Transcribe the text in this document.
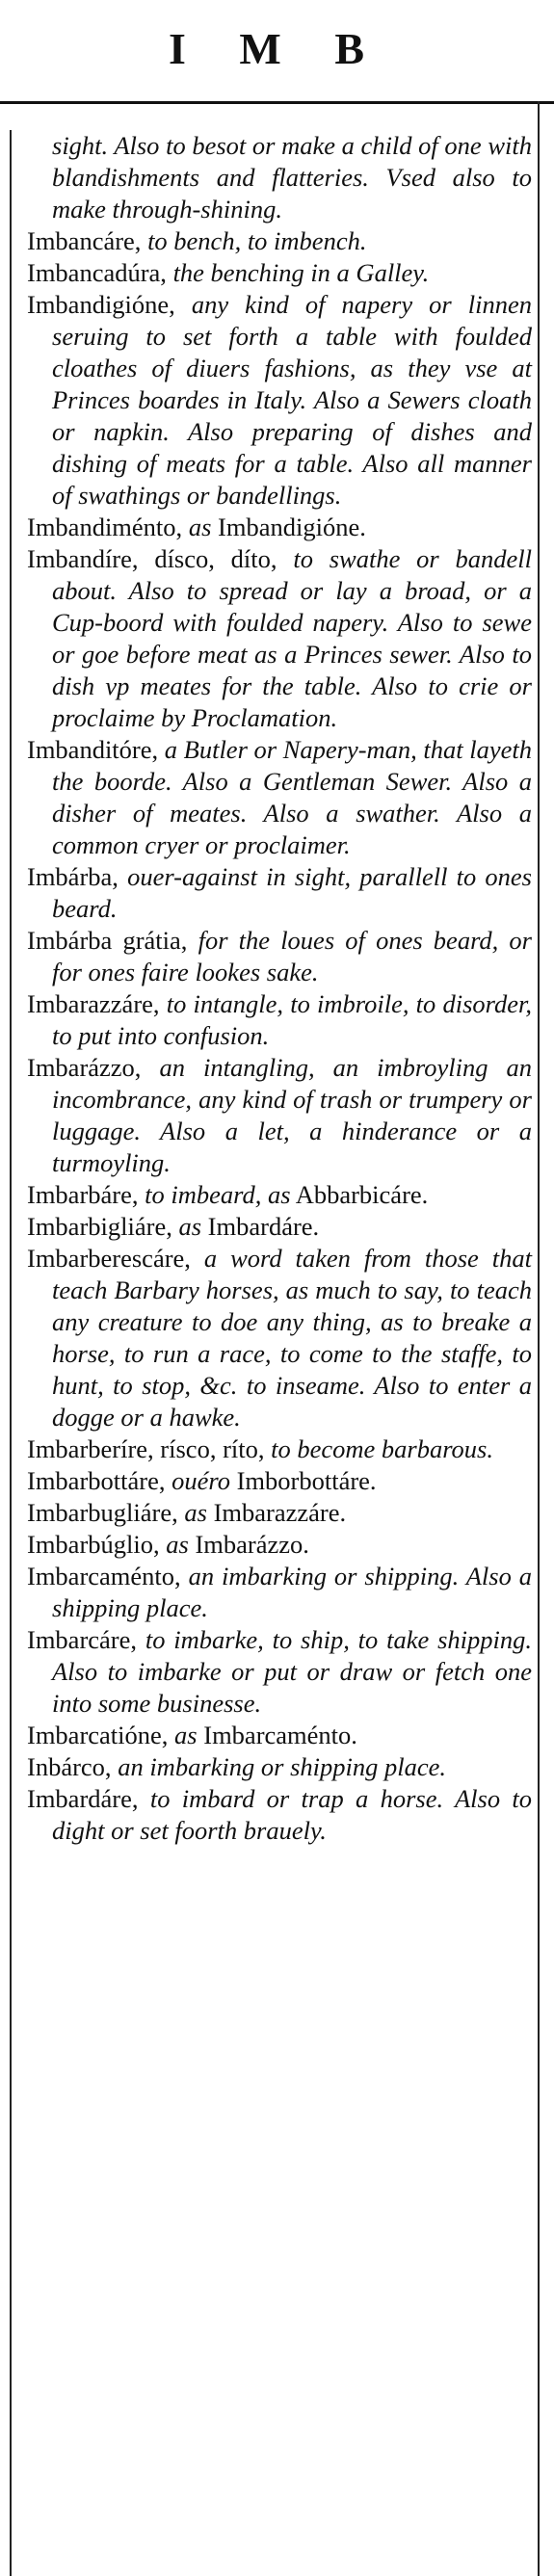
I M B
sight. Also to besot or make a child of one with blandishments and flatteries. Vsed also to make through-shining.
Imbancáre, to bench, to imbench.
Imbancadúra, the benching in a Galley.
Imbandigióne, any kind of napery or linnen seruing to set forth a table with foulded cloathes of diuers fashions, as they vse at Princes boardes in Italy. Also a Sewers cloath or napkin. Also preparing of dishes and dishing of meats for a table. Also all manner of swathings or bandellings.
Imbandiménto, as Imbandigióne.
Imbandíre, dísco, díto, to swathe or bandell about. Also to spread or lay a broad, or a Cup-boord with foulded napery. Also to sewe or goe before meat as a Princes sewer. Also to dish vp meates for the table. Also to crie or proclaime by Proclamation.
Imbanditóre, a Butler or Napery-man, that layeth the boorde. Also a Gentleman Sewer. Also a disher of meates. Also a swather. Also a common cryer or proclaimer.
Imbárba, ouer-against in sight, parallell to ones beard.
Imbárba grátia, for the loues of ones beard, or for ones faire lookes sake.
Imbarazzáre, to intangle, to imbroile, to disorder, to put into confusion.
Imbarázzo, an intangling, an imbroyling an incombrance, any kind of trash or trumpery or luggage. Also a let, a hinderance or a turmoyling.
Imbarbáre, to imbeard, as Abbarbicáre.
Imbarbigliáre, as Imbardáre.
Imbarberescáre, a word taken from those that teach Barbary horses, as much to say, to teach any creature to doe any thing, as to breake a horse, to run a race, to come to the staffe, to hunt, to stop, &c. to inseame. Also to enter a dogge or a hawke.
Imbarberíre, rísco, ríto, to become barbarous.
Imbarbottáre, ouéro Imborbottáre.
Imbarbugliáre, as Imbarazzáre.
Imbarbúglio, as Imbarázzo.
Imbarcaménto, an imbarking or shipping. Also a shipping place.
Imbarcáre, to imbarke, to ship, to take shipping. Also to imbarke or put or draw or fetch one into some businesse.
Imbarcatióne, as Imbarcaménto.
Inbárco, an imbarking or shipping place.
Imbardáre, to imbard or trap a horse. Also to dight or set foorth brauely.
